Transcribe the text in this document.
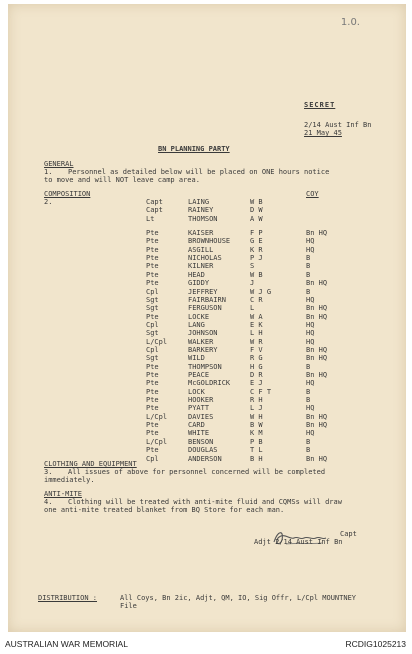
1.0.
SECRET
2/14 Aust Inf Bn
21 May 45
BN PLANNING PARTY
GENERAL
1. Personnel as detailed below will be placed on ONE hours notice
to move and will NOT leave camp area.
COMPOSITION
2.
COY
Capt	LAING	W B
Capt	RAINEY	D W
Lt	THOMSON	A W
Pte	KAISER	F P	Bn HQ
Pte	BROWNHOUSE	G E	HQ
Pte	ASGILL	K R	HQ
Pte	NICHOLAS	P J	B
Pte	KILNER	S	B
Pte	HEAD	W B	B
Pte	GIDDY	J	Bn HQ
Cpl	JEFFREY	W J G	B
Sgt	FAIRBAIRN	C R	HQ
Sgt	FERGUSON	L	Bn HQ
Pte	LOCKE	W A	Bn HQ
Cpl	LANG	E K	HQ
Sgt	JOHNSON	L H	HQ
L/Cpl	WALKER	W R	HQ
Cpl	BARKERY	F V	Bn HQ
Sgt	WILD	R G	Bn HQ
Pte	THOMPSON	H G	B
Pte	PEACE	D R	Bn HQ
Pte	McGOLDRICK	E J	HQ
Pte	LOCK	C F T	B
Pte	HOOKER	R H	B
Pte	PYATT	L J	HQ
L/Cpl	DAVIES	W H	Bn HQ
Pte	CARD	B W	Bn HQ
Pte	WHITE	K M	HQ
L/Cpl	BENSON	P B	B
Pte	DOUGLAS	T L	B
Cpl	ANDERSON	B H	Bn HQ
CLOTHING AND EQUIPMENT
3. All issues of above for personnel concerned will be completed
immediately.
ANTI-MITE
4. Clothing will be treated with anti-mite fluid and CQMSs will draw
one anti-mite treated blanket from BQ Store for each man.
Capt
Adjt 2/14 Aust Inf Bn
DISTRIBUTION :	All Coys, Bn 2ic, Adjt, QM, IO, Sig Offr, L/Cpl MOUNTNEY
File
AUSTRALIAN WAR MEMORIAL	RCDIG1025213
